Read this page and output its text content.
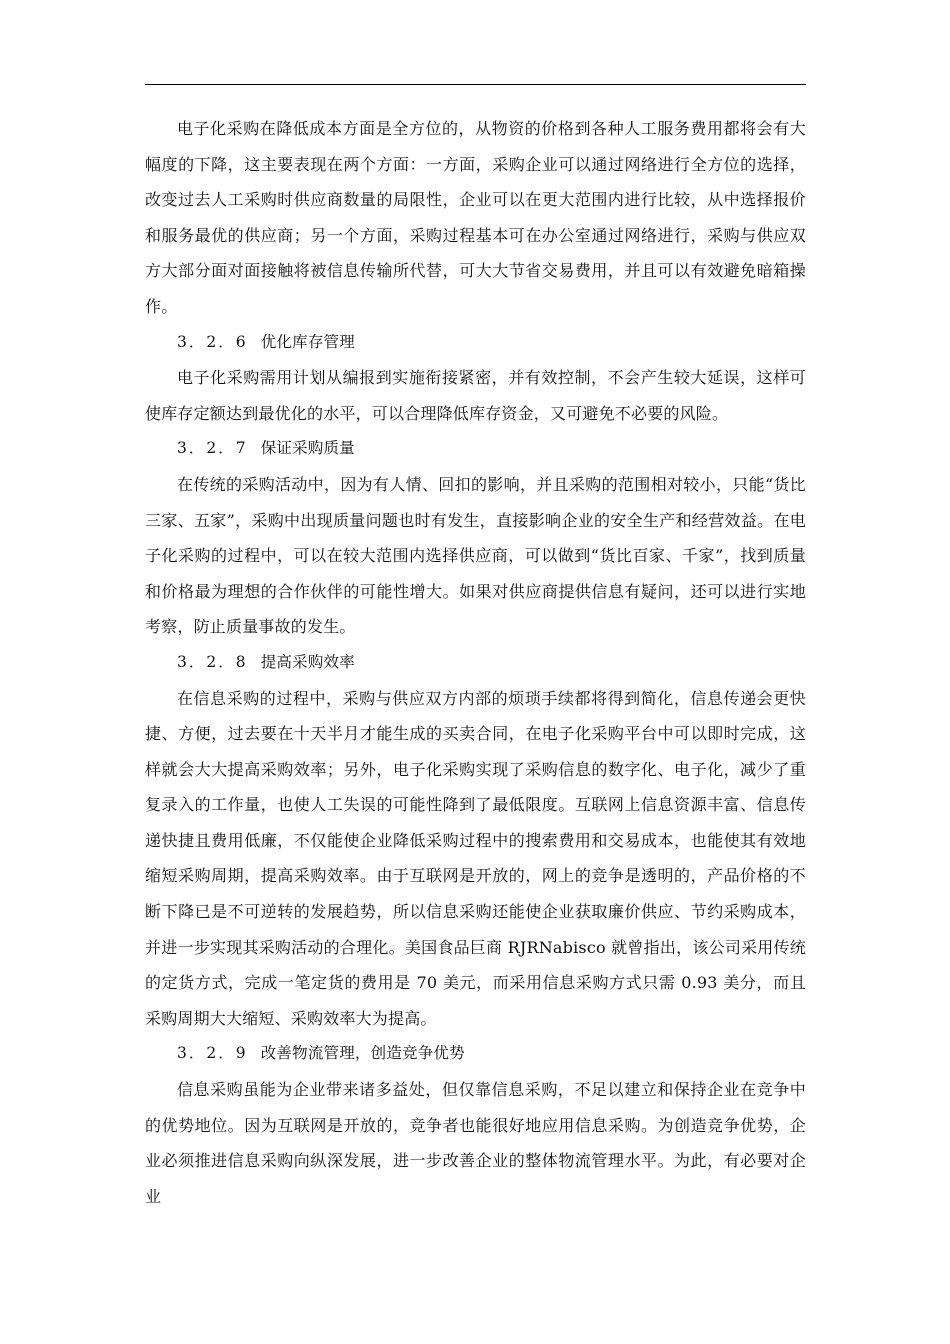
电子化采购在降低成本方面是全方位的，从物资的价格到各种人工服务费用都将会有大幅度的下降，这主要表现在两个方面：一方面，采购企业可以通过网络进行全方位的选择，改变过去人工采购时供应商数量的局限性，企业可以在更大范围内进行比较，从中选择报价和服务最优的供应商；另一个方面，采购过程基本可在办公室通过网络进行，采购与供应双方大部分面对面接触将被信息传输所代替，可大大节省交易费用，并且可以有效避免暗箱操作。

3．2．6 优化库存管理

电子化采购需用计划从编报到实施衔接紧密，并有效控制，不会产生较大延误，这样可使库存定额达到最优化的水平，可以合理降低库存资金，又可避免不必要的风险。

3．2．7 保证采购质量

在传统的采购活动中，因为有人情、回扣的影响，并且采购的范围相对较小，只能“货比三家、五家”，采购中出现质量问题也时有发生，直接影响企业的安全生产和经营效益。在电子化采购的过程中，可以在较大范围内选择供应商，可以做到“货比百家、千家”，找到质量和价格最为理想的合作伙伴的可能性增大。如果对供应商提供信息有疑问，还可以进行实地考察，防止质量事故的发生。

3．2．8 提高采购效率

在信息采购的过程中，采购与供应双方内部的烦琐手续都将得到简化，信息传递会更快捷、方便，过去要在十天半月才能生成的买卖合同，在电子化采购平台中可以即时完成，这样就会大大提高采购效率；另外，电子化采购实现了采购信息的数字化、电子化，减少了重复录入的工作量，也使人工失误的可能性降到了最低限度。互联网上信息资源丰富、信息传递快捷且费用低廉，不仅能使企业降低采购过程中的搜索费用和交易成本，也能使其有效地缩短采购周期，提高采购效率。由于互联网是开放的，网上的竞争是透明的，产品价格的不断下降已是不可逆转的发展趋势，所以信息采购还能使企业获取廉价供应、节约采购成本，并进一步实现其采购活动的合理化。美国食品巨商 RJRNabisco 就曾指出，该公司采用传统的定货方式，完成一笔定货的费用是 70 美元，而采用信息采购方式只需 0.93 美分，而且采购周期大大缩短、采购效率大为提高。

3．2．9 改善物流管理，创造竞争优势

信息采购虽能为企业带来诸多益处，但仅靠信息采购，不足以建立和保持企业在竞争中的优势地位。因为互联网是开放的，竞争者也能很好地应用信息采购。为创造竞争优势，企业必须推进信息采购向纵深发展，进一步改善企业的整体物流管理水平。为此，有必要对企业
